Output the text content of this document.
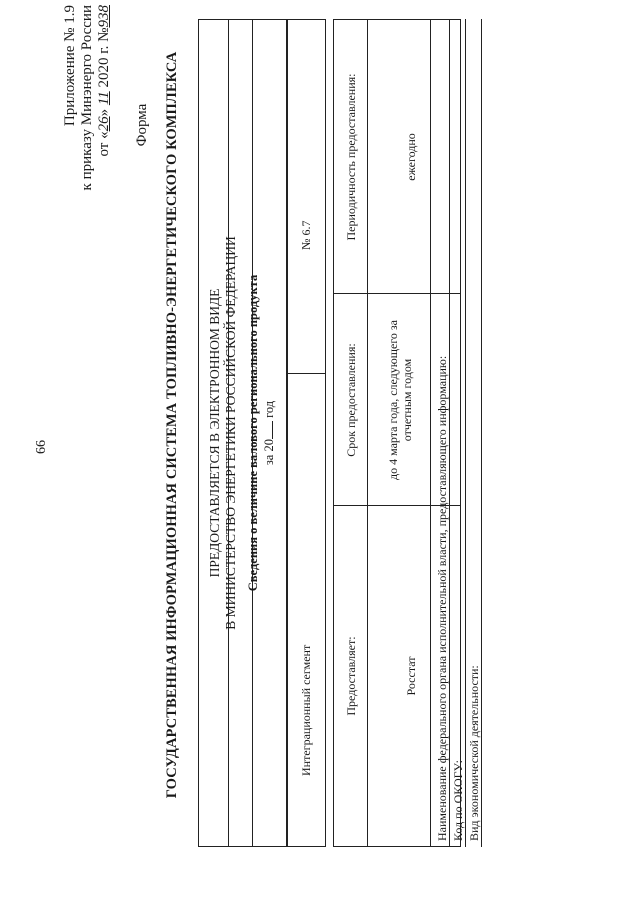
66
Приложение № 1.9 к приказу Минэнерго России от «26» 11 2020 г. №938
Форма ГОСУДАРСТВЕННАЯ ИНФОРМАЦИОННАЯ СИСТЕМА ТОПЛИВНО-ЭНЕРГЕТИЧЕСКОГО КОМПЛЕКСА ПРЕДОСТАВЛЯЕТСЯ В ЭЛЕКТРОННОМ ВИДЕ В МИНИСТЕРСТВО ЭНЕРГЕТИКИ РОССИЙСКОЙ ФЕДЕРАЦИИ Сведения о величине валового регионального продукта за 20 год
Интеграционный сегмент
№ 6.7
Предоставляет:
Срок предоставления:
Периодичность предоставления:
Росстат
до 4 марта года, следующего за отчетным годом
ежегодно
Наименование федерального органа исполнительной власти, предоставляющего информацию: Код по ОКОГУ: Вид экономической деятельности:
